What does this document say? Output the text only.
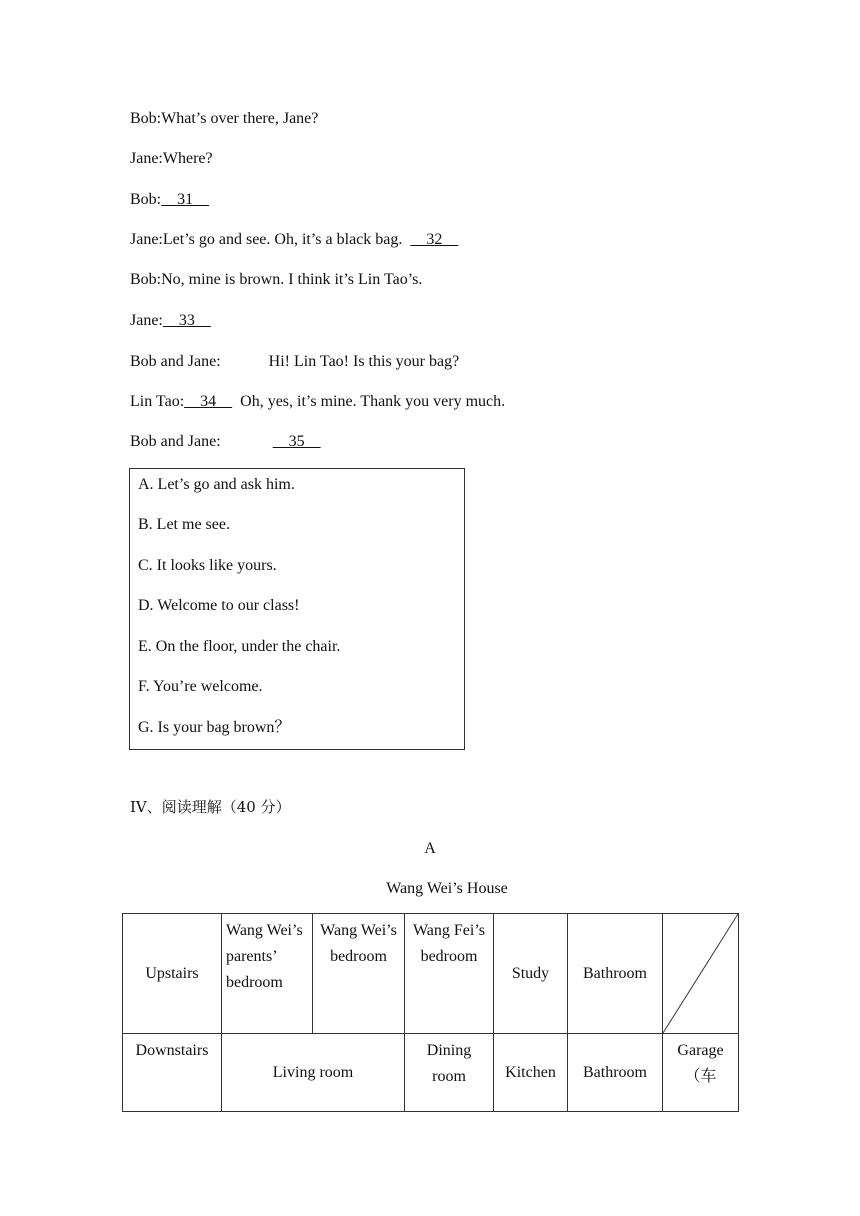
Bob:What’s over there, Jane?
Jane:Where?
Bob:    31
Jane:Let’s go and see. Oh, it’s a black bag.      32
Bob:No, mine is brown. I think it’s Lin Tao’s.
Jane:    33
Bob and Jane:            Hi! Lin Tao! Is this your bag?
Lin Tao:    34      Oh, yes, it’s mine. Thank you very much.
Bob and Jane:	35
A. Let’s go and ask him.
B. Let me see.
C. It looks like yours.
D. Welcome to our class!
E. On the floor, under the chair.
F. You’re welcome.
G. Is your bag brown？
IV、阅读理解（40 分）
A
Wang Wei’s House
Upstairs	Wang Wei’s parents’ bedroom	Wang Wei’s bedroom	Wang Fei’s bedroom	Study	Bathroom	

Downstairs	Living room		Dining room	Kitchen	Bathroom	Garage （车
